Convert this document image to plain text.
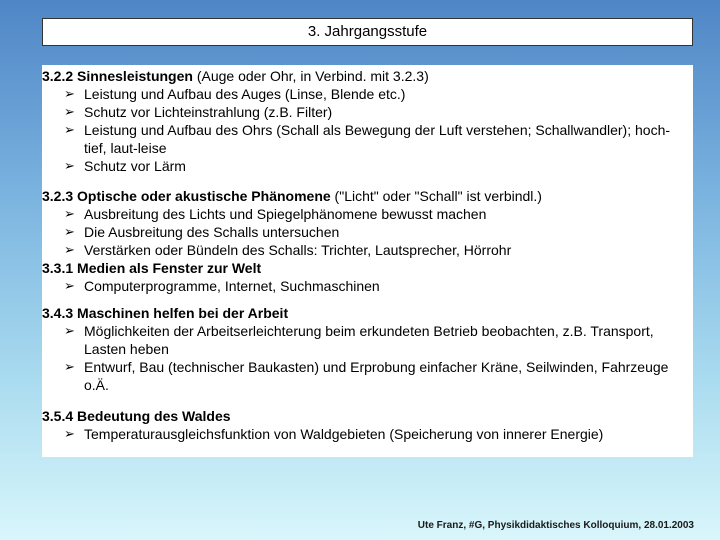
3. Jahrgangsstufe
3.2.2 Sinnesleistungen (Auge oder Ohr, in Verbind. mit 3.2.3)
➢ Leistung und Aufbau des Auges (Linse, Blende etc.)
➢ Schutz vor Lichteinstrahlung (z.B. Filter)
➢ Leistung und Aufbau des Ohrs (Schall als Bewegung der Luft verstehen; Schallwandler); hoch-tief, laut-leise
➢ Schutz vor Lärm
3.2.3 Optische oder akustische Phänomene ("Licht" oder "Schall" ist verbindl.)
➢ Ausbreitung des Lichts und Spiegelphänomene bewusst machen
➢ Die Ausbreitung des Schalls untersuchen
➢ Verstärken oder Bündeln des Schalls: Trichter, Lautsprecher, Hörrohr
3.3.1 Medien als Fenster zur Welt
➢ Computerprogramme, Internet, Suchmaschinen
3.4.3 Maschinen helfen bei der Arbeit
➢ Möglichkeiten der Arbeitserleichterung beim erkundeten Betrieb beobachten, z.B. Transport, Lasten heben
➢ Entwurf, Bau (technischer Baukasten) und Erprobung einfacher Kräne, Seilwinden, Fahrzeuge o.Ä.
3.5.4 Bedeutung des Waldes
➢ Temperaturausgleichsfunktion von Waldgebieten (Speicherung von innerer Energie)
Ute Franz, #G, Physikdidaktisches Kolloquium, 28.01.2003
